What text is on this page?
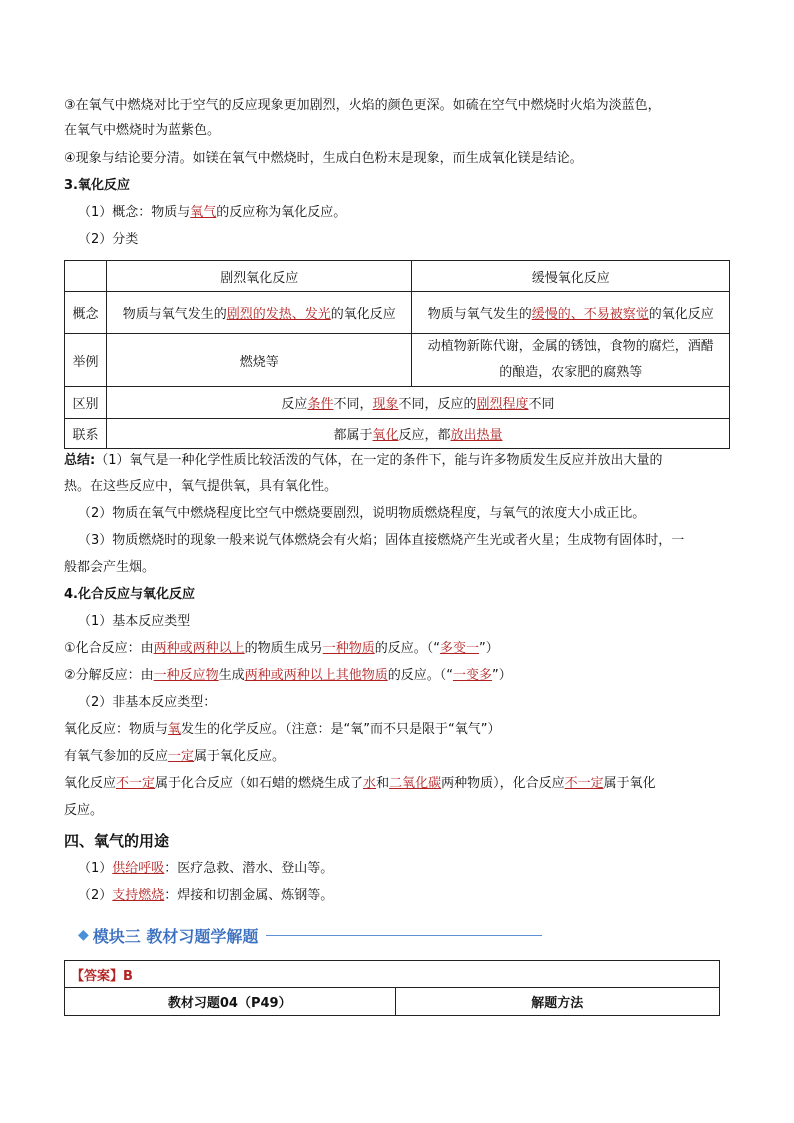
③在氧气中燃烧对比于空气的反应现象更加剧烈，火焰的颜色更深。如硫在空气中燃烧时火焰为淡蓝色，
在氧气中燃烧时为蓝紫色。
④现象与结论要分清。如镁在氧气中燃烧时，生成白色粉末是现象，而生成氧化镁是结论。
3.氧化反应
（1）概念：物质与氧气的反应称为氧化反应。
（2）分类
	剧烈氧化反应	缓慢氧化反应
概念	物质与氧气发生的剧烈的发热、发光的氧化反应	物质与氧气发生的缓慢的、不易被察觉的氧化反应
举例	燃烧等	动植物新陈代谢，金属的锈蚀，食物的腐烂，酒醋
的酿造，农家肥的腐熟等
区别	反应条件不同，现象不同，反应的剧烈程度不同	
联系	都属于氧化反应，都放出热量	
总结:（1）氧气是一种化学性质比较活泼的气体，在一定的条件下，能与许多物质发生反应并放出大量的
热。在这些反应中，氧气提供氧，具有氧化性。
（2）物质在氧气中燃烧程度比空气中燃烧要剧烈，说明物质燃烧程度，与氧气的浓度大小成正比。
（3）物质燃烧时的现象一般来说气体燃烧会有火焰；固体直接燃烧产生光或者火星；生成物有固体时，一
般都会产生烟。
4.化合反应与氧化反应
（1）基本反应类型
①化合反应：由两种或两种以上的物质生成另一种物质的反应。（“多变一”）
②分解反应：由一种反应物生成两种或两种以上其他物质的反应。（“一变多”）
（2）非基本反应类型：
氧化反应：物质与氧发生的化学反应。（注意：是“氧”而不只是限于“氧气”）
有氧气参加的反应一定属于氧化反应。
氧化反应不一定属于化合反应（如石蜡的燃烧生成了水和二氧化碳两种物质），化合反应不一定属于氧化
反应。
四、氧气的用途
（1）供给呼吸：医疗急救、潜水、登山等。
（2）支持燃烧：焊接和切割金属、炼钢等。
◆ 模块三 教材习题学解题
【答案】B
教材习题04（P49）	解题方法
